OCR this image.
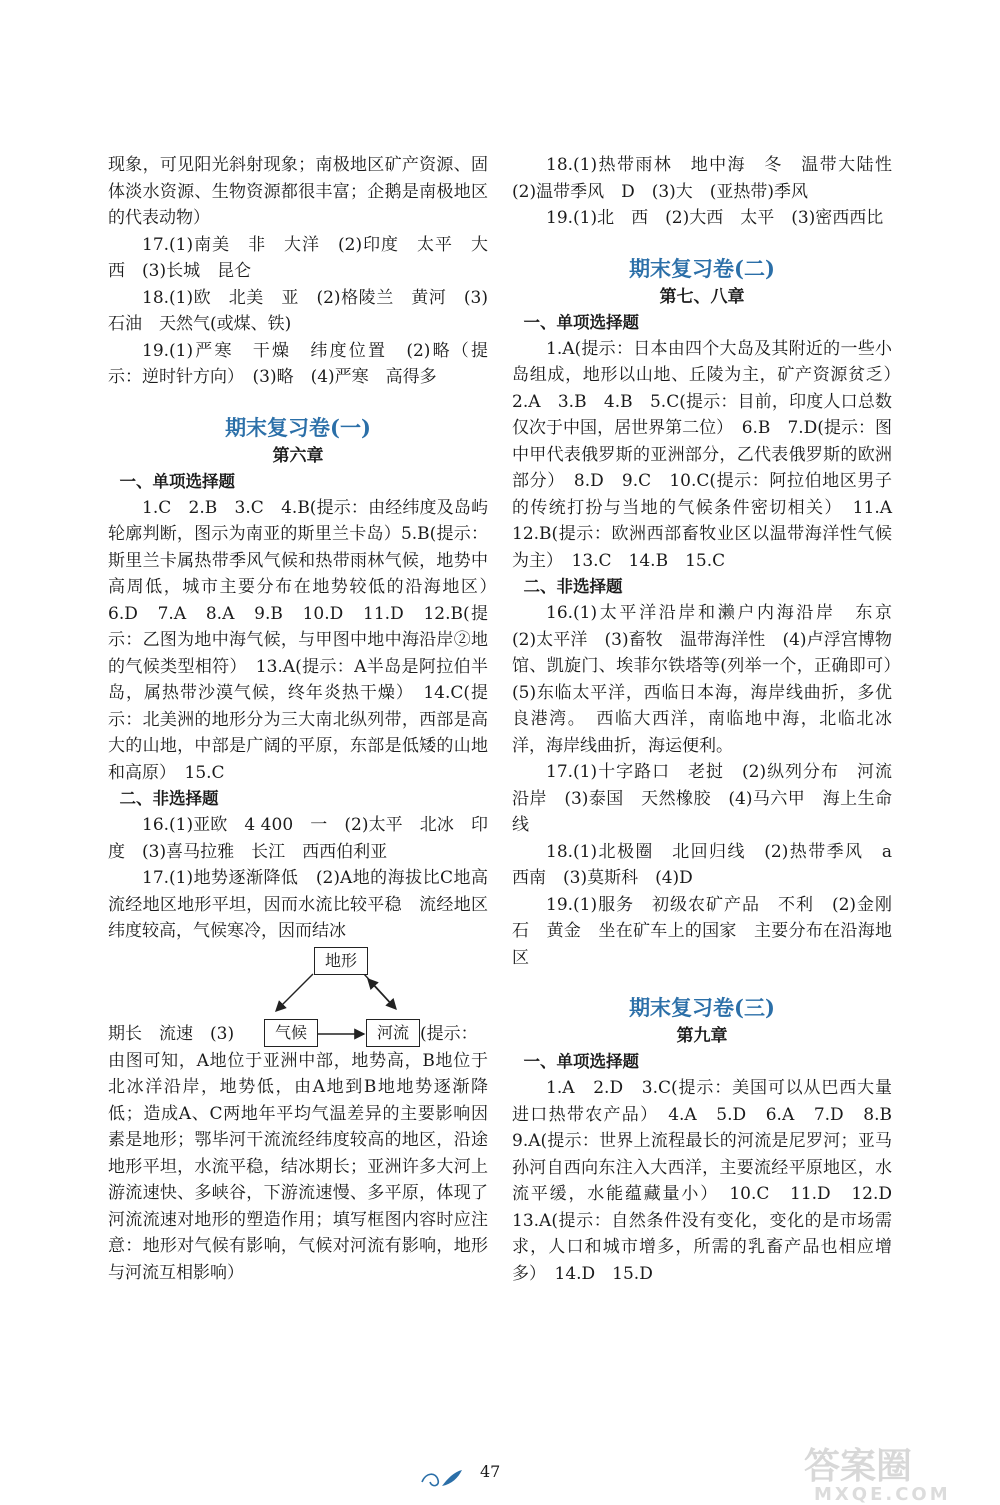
现象，可见阳光斜射现象；南极地区矿产资源、固体淡水资源、生物资源都很丰富；企鹅是南极地区的代表动物）

17.(1)南美　非　大洋　(2)印度　太平　大西　(3)长城　昆仑

18.(1)欧　北美　亚　(2)格陵兰　黄河　(3)石油　天然气(或煤、铁)

19.(1)严寒　干燥　纬度位置　(2)略（提示：逆时针方向）　(3)略　(4)严寒　高得多

期末复习卷(一)
第六章
一、单项选择题

1.C　2.B　3.C　4.B(提示：由经纬度及岛屿轮廓判断，图示为南亚的斯里兰卡岛）5.B(提示：斯里兰卡属热带季风气候和热带雨林气候，地势中高周低，城市主要分布在地势较低的沿海地区）　6.D　7.A　8.A　9.B　10.D　11.D　12.B(提示：乙图为地中海气候，与甲图中地中海沿岸②地的气候类型相符）　13.A(提示：A半岛是阿拉伯半岛，属热带沙漠气候，终年炎热干燥）　14.C(提示：北美洲的地形分为三大南北纵列带，西部是高大的山地，中部是广阔的平原，东部是低矮的山地和高原）　15.C

二、非选择题

16.(1)亚欧　4 400　一　(2)太平　北冰　印度　(3)喜马拉雅　长江　西西伯利亚

17.(1)地势逐渐降低　(2)A地的海拔比C地高　流经地区地形平坦，因而水流比较平稳　流经地区纬度较高，气候寒冷，因而结冰

地形
期长　流速　(3)	气候	河流 (提示：

由图可知，A地位于亚洲中部，地势高，B地位于北冰洋沿岸，地势低，由A地到B地地势逐渐降低；造成A、C两地年平均气温差异的主要影响因素是地形；鄂毕河干流流经纬度较高的地区，沿途地形平坦，水流平稳，结冰期长；亚洲许多大河上游流速快、多峡谷，下游流速慢、多平原，体现了河流流速对地形的塑造作用；填写框图内容时应注意：地形对气候有影响，气候对河流有影响，地形与河流互相影响）

18.(1)热带雨林　地中海　冬　温带大陆性　(2)温带季风　D　(3)大　(亚热带)季风

19.(1)北　西　(2)大西　太平　(3)密西西比

期末复习卷(二)
第七、八章
一、单项选择题

1.A(提示：日本由四个大岛及其附近的一些小岛组成，地形以山地、丘陵为主，矿产资源贫乏）　2.A　3.B　4.B　5.C(提示：目前，印度人口总数仅次于中国，居世界第二位）　6.B　7.D(提示：图中甲代表俄罗斯的亚洲部分，乙代表俄罗斯的欧洲部分）　8.D　9.C　10.C(提示：阿拉伯地区男子的传统打扮与当地的气候条件密切相关）　11.A　12.B(提示：欧洲西部畜牧业区以温带海洋性气候为主）　13.C　14.B　15.C

二、非选择题

16.(1)太平洋沿岸和濑户内海沿岸　东京　(2)太平洋　(3)畜牧　温带海洋性　(4)卢浮宫博物馆、凯旋门、埃菲尔铁塔等(列举一个，正确即可）　(5)东临太平洋，西临日本海，海岸线曲折，多优良港湾。　西临大西洋，南临地中海，北临北冰洋，海岸线曲折，海运便利。

17.(1)十字路口　老挝　(2)纵列分布　河流沿岸　(3)泰国　天然橡胶　(4)马六甲　海上生命线

18.(1)北极圈　北回归线　(2)热带季风　a　西南　(3)莫斯科　(4)D

19.(1)服务　初级农矿产品　不利　(2)金刚石　黄金　坐在矿车上的国家　主要分布在沿海地区

期末复习卷(三)
第九章
一、单项选择题

1.A　2.D　3.C(提示：美国可以从巴西大量进口热带农产品）　4.A　5.D　6.A　7.D　8.B　9.A(提示：世界上流程最长的河流是尼罗河；亚马孙河自西向东注入大西洋，主要流经平原地区，水流平缓，水能蕴藏量小）　10.C　11.D　12.D　13.A(提示：自然条件没有变化，变化的是市场需求，人口和城市增多，所需的乳畜产品也相应增多）　14.D　15.D

47	答案圈
MXQE.COM
